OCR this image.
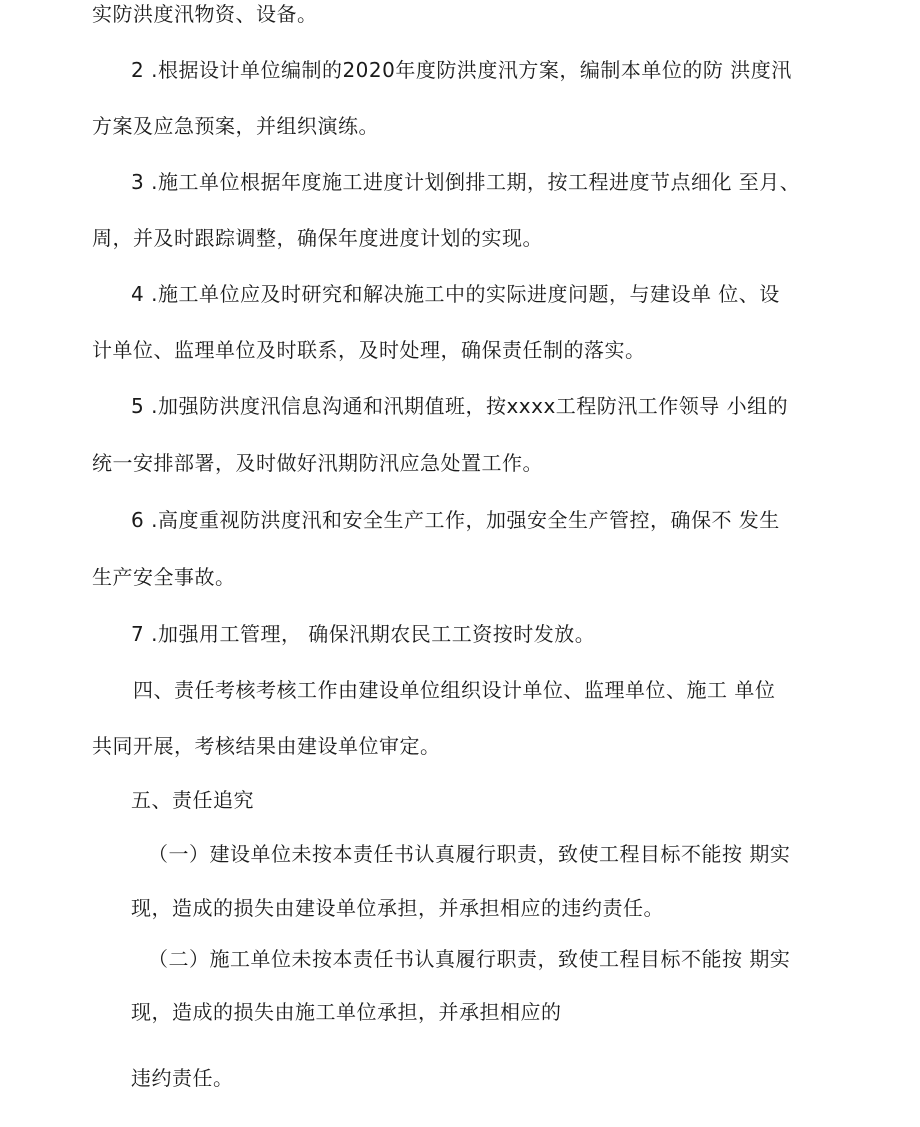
实防洪度汛物资、设备。
2 .根据设计单位编制的2020年度防洪度汛方案，编制本单位的防 洪度汛
方案及应急预案，并组织演练。
3 .施工单位根据年度施工进度计划倒排工期，按工程进度节点细化 至月、
周，并及时跟踪调整，确保年度进度计划的实现。
4 .施工单位应及时研究和解决施工中的实际进度问题，与建设单 位、设
计单位、监理单位及时联系，及时处理，确保责任制的落实。
5 .加强防洪度汛信息沟通和汛期值班，按xxxx工程防汛工作领导 小组的
统一安排部署，及时做好汛期防汛应急处置工作。
6 .高度重视防洪度汛和安全生产工作，加强安全生产管控，确保不 发生
生产安全事故。
7 .加强用工管理， 确保汛期农民工工资按时发放。
四、责任考核考核工作由建设单位组织设计单位、监理单位、施工 单位
共同开展，考核结果由建设单位审定。
五、责任追究
（一）建设单位未按本责任书认真履行职责，致使工程目标不能按 期实
现，造成的损失由建设单位承担，并承担相应的违约责任。
（二）施工单位未按本责任书认真履行职责，致使工程目标不能按 期实
现，造成的损失由施工单位承担，并承担相应的
违约责任。
